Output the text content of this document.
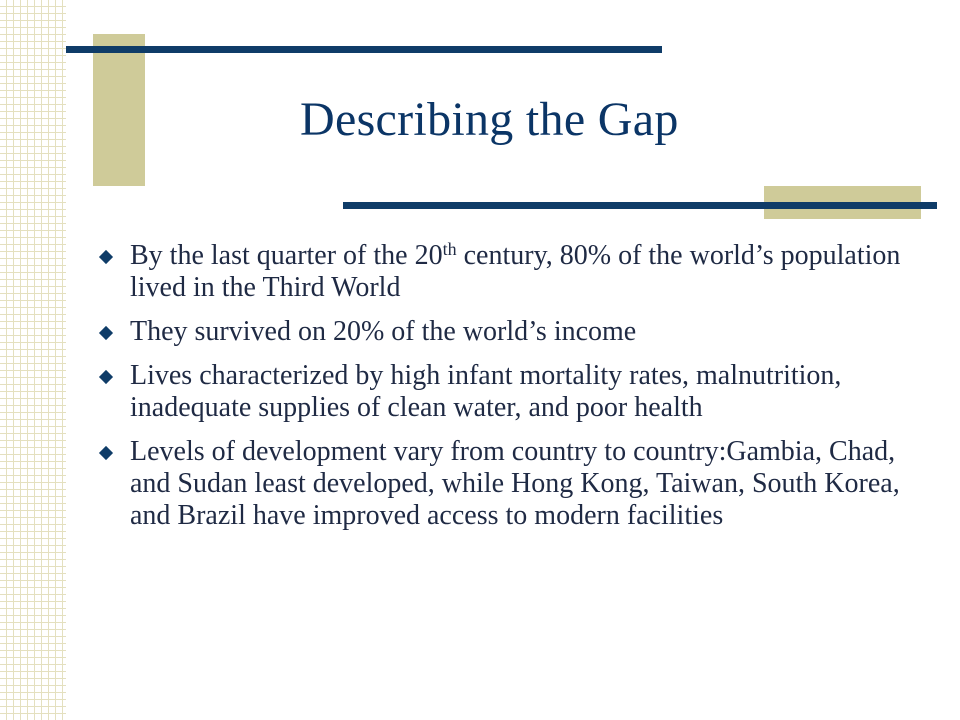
Describing the Gap
By the last quarter of the 20th century, 80% of the world’s population lived in the Third World
They survived on 20% of the world’s income
Lives characterized by high infant mortality rates, malnutrition, inadequate supplies of clean water, and poor health
Levels of development vary from country to country:Gambia, Chad, and Sudan least developed, while Hong Kong, Taiwan, South Korea, and Brazil have improved access to modern facilities
